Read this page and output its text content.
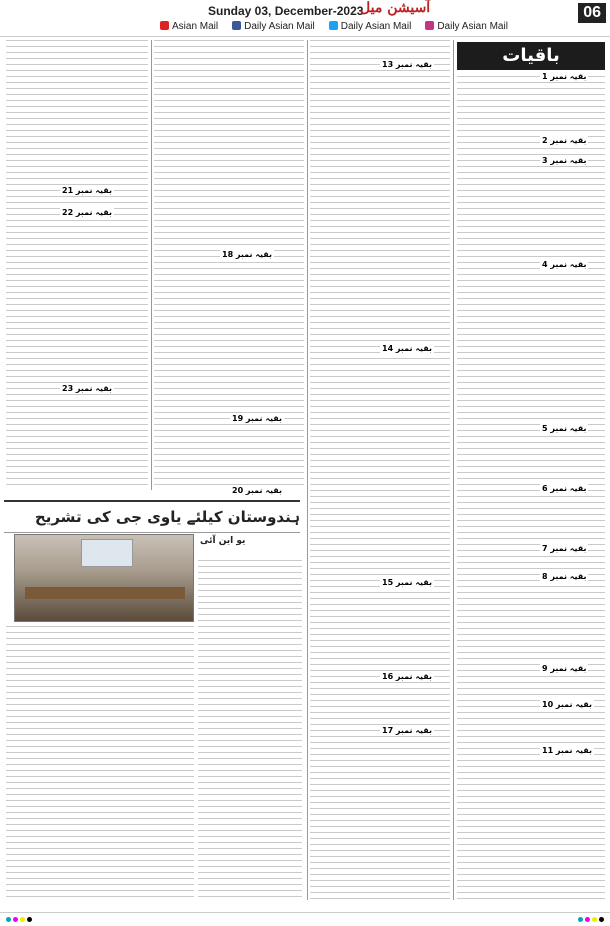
Sunday 03, December-2023
آسیشن میل	06
Asian Mail	Daily Asian Mail	Daily Asian Mail	Daily Asian Mail
باقیات
بقیہ نمبر 1
بقیہ نمبر 2
بقیہ نمبر 3
بقیہ نمبر 4
بقیہ نمبر 5
بقیہ نمبر 6
بقیہ نمبر 7
بقیہ نمبر 8
بقیہ نمبر 9
بقیہ نمبر 10
بقیہ نمبر 11
بقیہ نمبر 13
بقیہ نمبر 14
بقیہ نمبر 15
بقیہ نمبر 16
بقیہ نمبر 17
بقیہ نمبر 18
بقیہ نمبر 19
بقیہ نمبر 20
بقیہ نمبر 21
بقیہ نمبر 22
بقیہ نمبر 23
ہندوستان کیلئے یاوی جی کی تشریح
یو این آئی
